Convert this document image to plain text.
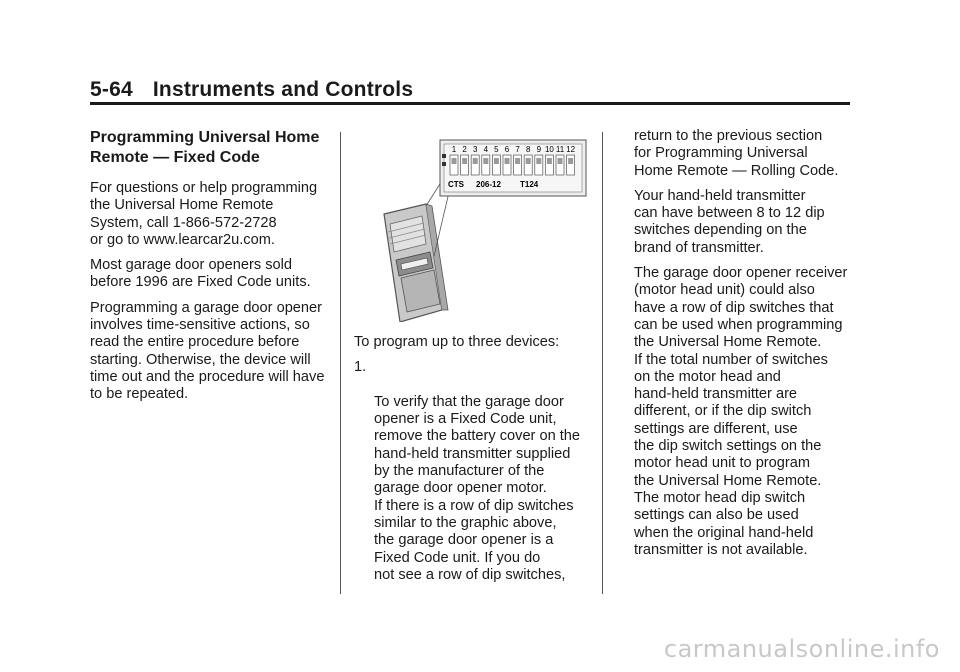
5-64 Instruments and Controls
Programming Universal Home
Remote — Fixed Code

For questions or help programming
the Universal Home Remote
System, call 1-866-572-2728
or go to www.learcar2u.com.

Most garage door openers sold
before 1996 are Fixed Code units.

Programming a garage door opener
involves time-sensitive actions, so
read the entire procedure before
starting. Otherwise, the device will
time out and the procedure will have
to be repeated.

1 2 3 4 5 6 7 8 9 10 11 12
CTS 206-12 T124

To program up to three devices:

1.

To verify that the garage door
opener is a Fixed Code unit,
remove the battery cover on the
hand-held transmitter supplied
by the manufacturer of the
garage door opener motor.
If there is a row of dip switches
similar to the graphic above,
the garage door opener is a
Fixed Code unit. If you do
not see a row of dip switches,

return to the previous section
for Programming Universal
Home Remote — Rolling Code.

Your hand-held transmitter
can have between 8 to 12 dip
switches depending on the
brand of transmitter.

The garage door opener receiver
(motor head unit) could also
have a row of dip switches that
can be used when programming
the Universal Home Remote.
If the total number of switches
on the motor head and
hand-held transmitter are
different, or if the dip switch
settings are different, use
the dip switch settings on the
motor head unit to program
the Universal Home Remote.
The motor head dip switch
settings can also be used
when the original hand-held
transmitter is not available.

carmanualsonline.info
